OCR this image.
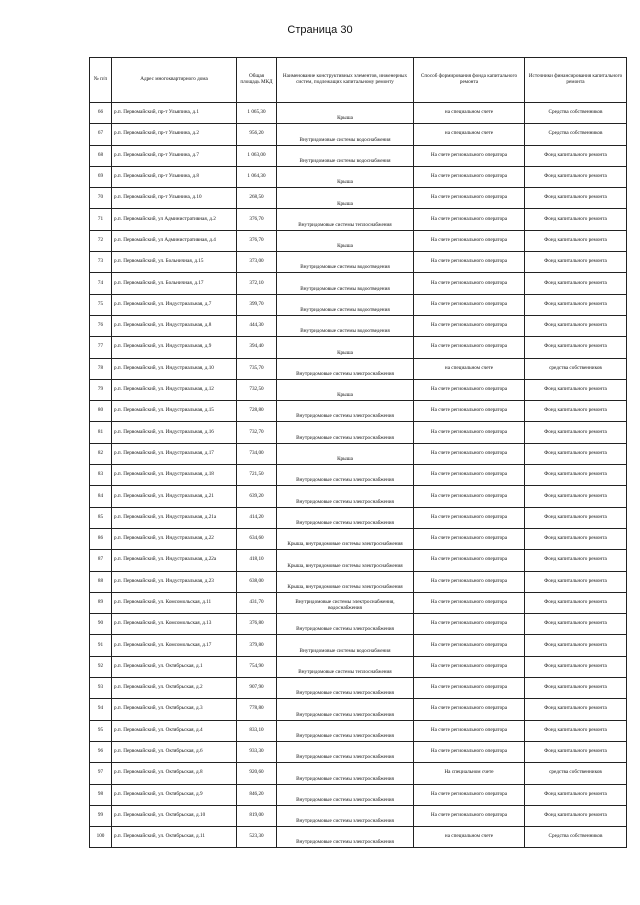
Страница 30
№ п/п	Адрес многоквартирного дома	Общая площадь МКД	Наименование конструктивных элементов, инженерных систем, подлежащих капитальному ремонту	Способ формирования фонда капитального ремонта	Источники финансирования капитального ремонта
66	р.п. Первомайский, пр-т Ульяпина, д.1	1 065,30	Крыша	на специальном счете	Средства собственников
67	р.п. Первомайский, пр-т Ульянина, д.2	956,20	Внутридомовые системы водоснабжения	на специальном счете	Средства собственников
68	р.п. Первомайский, пр-т Ульянина, д.7	1 063,00	Внутридомовые системы водоснабжения	На счете регионального оператора	Фонд капитального ремонта
69	р.п. Первомайский, пр-т Ульянина, д.8	1 064,30	Крыша	На счете регионального оператора	Фонд капитального ремонта
70	р.п. Первомайский, пр-т Ульянина, д.10	268,50	Крыша	На счете регионального оператора	Фонд капитального ремонта
71	р.п. Первомайский, ул Административная, д.2	376,70	Внутридомовые системы теплоснабжения	На счете регионального оператора	Фонд капитального ремонта
72	р.п. Первомайский, ул Административная, д.4	376,70	Крыша	На счете регионального оператора	Фонд капитального ремонта
73	р.п. Первомайский, ул. Больничная, д.15	373,00	Внутридомовые системы водоотведения	На счете регионального оператора	Фонд капитального ремонта
74	р.п. Первомайский, ул. Больничная, д.17	372,10	Внутридомовые системы водоотведения	На счете регионального оператора	Фонд капитального ремонта
75	р.п. Первомайский, ул. Индустриальная, д.7	399,70	Внутридомовые системы водоотведения	На счете регионального оператора	Фонд капитального ремонта
76	р.п. Первомайский, ул. Индустриальная, д.8	444,30	Внутридомовые системы водоотведения	На счете регионального оператора	Фонд капитального ремонта
77	р.п. Первомайский, ул. Индустриальная, д.9	394,40	Крыша	На счете регионального оператора	Фонд капитального ремонта
78	р.п. Первомайский, ул. Индустриальная, д.10	735,70	Внутридомовые системы электроснабжения	на специальном счете	средства собственников
79	р.п. Первомайский, ул. Индустриальная, д.12	732,50	Крыша	На счете регионального оператора	Фонд капитального ремонта
80	р.п. Первомайский, ул. Индустриальная, д.15	728,80	Внутридомовые системы электроснабжения	На счете регионального оператора	Фонд капитального ремонта
81	р.п. Первомайский, ул. Индустриальная, д.16	732,70	Внутридомовые системы электроснабжения	На счете регионального оператора	Фонд капитального ремонта
82	р.п. Первомайский, ул. Индустриальная, д.17	734,00	Крыша	На счете регионального оператора	Фонд капитального ремонта
83	р.п. Первомайский, ул. Индустриальная, д.18	721,50	Внутридомовые системы электроснабжения	На счете регионального оператора	Фонд капитального ремонта
84	р.п. Первомайский, ул. Индустриальная, д.21	639,20	Внутридомовые системы электроснабжения	На счете регионального оператора	Фонд капитального ремонта
85	р.п. Первомайский, ул. Индустриальная, д.21а	414,20	Внутридомовые системы электроснабжения	На счете регионального оператора	Фонд капитального ремонта
86	р.п. Первомайский, ул. Индустриальная, д.22	634,60	Крыша, внутридомовые системы электроснабжения	На счете регионального оператора	Фонд капитального ремонта
87	р.п. Первомайский, ул. Индустриальная, д.22а	418,10	Крыша, внутридомовые системы электроснабжения	На счете регионального оператора	Фонд капитального ремонта
88	р.п. Первомайский, ул. Индустриальная, д.23	638,00	Крыша, внутридомовые системы электроснабжения	На счете регионального оператора	Фонд капитального ремонта
89	р.п. Первомайский, ул. Комсомольская, д.11	431,70	Внутридомовые системы электроснабжения, водоснабжения	На счете регионального оператора	Фонд капитального ремонта
90	р.п. Первомайский, ул. Комсомольская, д.13	376,80	Внутридомовые системы электроснабжения	На счете регионального оператора	Фонд капитального ремонта
91	р.п. Первомайский, ул. Комсомольская, д.17	379,80	Внутридомовые системы водоснабжения	На счете регионального оператора	Фонд капитального ремонта
92	р.п. Первомайский, ул. Октябрьская, д.1	754,90	Внутридомовые системы теплоснабжения	На счете регионального оператора	Фонд капитального ремонта
93	р.п. Первомайский, ул. Октябрьская, д.2	907,90	Внутридомовые системы электроснабжения	На счете регионального оператора	Фонд капитального ремонта
94	р.п. Первомайский, ул. Октябрьская, д.3	778,80	Внутридомовые системы электроснабжения	На счете регионального оператора	Фонд капитального ремонта
95	р.п. Первомайский, ул. Октябрьская, д.4	833,10	Внутридомовые системы электроснабжения	На счете регионального оператора	Фонд капитального ремонта
96	р.п. Первомайский, ул. Октябрьская, д.6	933,30	Внутридомовые системы электроснабжения	На счете регионального оператора	Фонд капитального ремонта
97	р.п. Первомайский, ул. Октябрьская, д.8	920,60	Внутридомовые системы электроснабжения	На специальном счете	средства собственников
98	р.п. Первомайский, ул. Октябрьская, д.9	846,20	Внутридомовые системы электроснабжения	На счете регионального оператора	Фонд капитального ремонта
99	р.п. Первомайский, ул. Октябрьская, д.10	819,00	Внутридомовые системы электроснабжения	На счете регионального оператора	Фонд капитального ремонта
100	р.п. Первомайский, ул. Октябрьская, д.11	523,30	Внутридомовые системы электроснабжения	на специальном счете	Средства собственников
